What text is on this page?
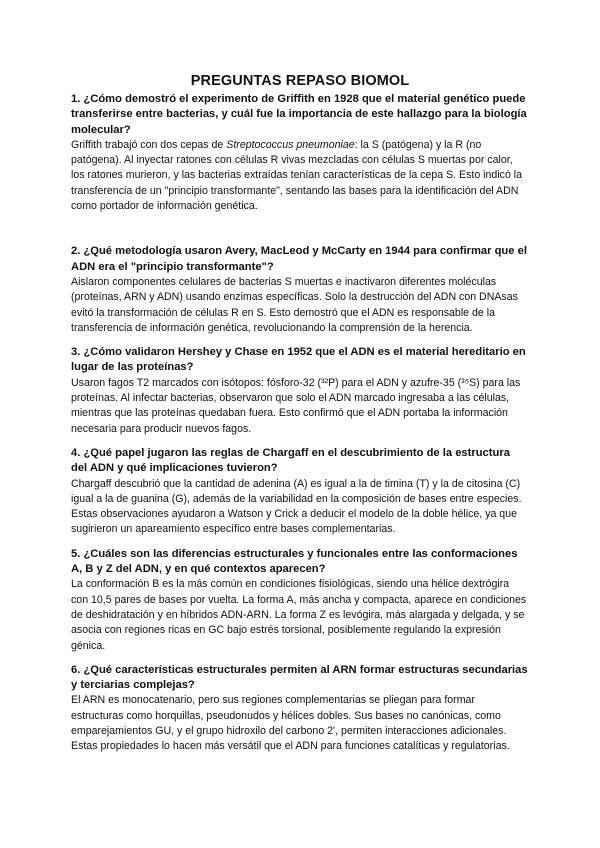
PREGUNTAS REPASO BIOMOL

1. ¿Cómo demostró el experimento de Griffith en 1928 que el material genético puede transferirse entre bacterias, y cuál fue la importancia de este hallazgo para la biología molecular?

Griffith trabajó con dos cepas de Streptococcus pneumoniae: la S (patógena) y la R (no patógena). Al inyectar ratones con células R vivas mezcladas con células S muertas por calor, los ratones murieron, y las bacterias extraídas tenían características de la cepa S. Esto indicó la transferencia de un "principio transformante", sentando las bases para la identificación del ADN como portador de información genética.

2. ¿Qué metodología usaron Avery, MacLeod y McCarty en 1944 para confirmar que el ADN era el "principio transformante"?

Aislaron componentes celulares de bacterias S muertas e inactivaron diferentes moléculas (proteínas, ARN y ADN) usando enzimas específicas. Solo la destrucción del ADN con DNAsas evitó la transformación de células R en S. Esto demostró que el ADN es responsable de la transferencia de información genética, revolucionando la comprensión de la herencia.

3. ¿Cómo validaron Hershey y Chase en 1952 que el ADN es el material hereditario en lugar de las proteínas?

Usaron fagos T2 marcados con isótopos: fósforo-32 (³²P) para el ADN y azufre-35 (³⁵S) para las proteínas. Al infectar bacterias, observaron que solo el ADN marcado ingresaba a las células, mientras que las proteínas quedaban fuera. Esto confirmó que el ADN portaba la información necesaria para producir nuevos fagos.

4. ¿Qué papel jugaron las reglas de Chargaff en el descubrimiento de la estructura del ADN y qué implicaciones tuvieron?

Chargaff descubrió que la cantidad de adenina (A) es igual a la de timina (T) y la de citosina (C) igual a la de guanina (G), además de la variabilidad en la composición de bases entre especies. Estas observaciones ayudaron a Watson y Crick a deducir el modelo de la doble hélice, ya que sugirieron un apareamiento específico entre bases complementarias.

5. ¿Cuáles son las diferencias estructurales y funcionales entre las conformaciones A, B y Z del ADN, y en qué contextos aparecen?

La conformación B es la más común en condiciones fisiológicas, siendo una hélice dextrógira con 10,5 pares de bases por vuelta. La forma A, más ancha y compacta, aparece en condiciones de deshidratación y en híbridos ADN-ARN. La forma Z es levógira, más alargada y delgada, y se asocia con regiones ricas en GC bajo estrés torsional, posiblemente regulando la expresión génica.

6. ¿Qué características estructurales permiten al ARN formar estructuras secundarias y terciarias complejas?

El ARN es monocatenario, pero sus regiones complementarias se pliegan para formar estructuras como horquillas, pseudonudos y hélices dobles. Sus bases no canónicas, como emparejamientos GU, y el grupo hidroxilo del carbono 2', permiten interacciones adicionales. Estas propiedades lo hacen más versátil que el ADN para funciones catalíticas y regulatorias.
